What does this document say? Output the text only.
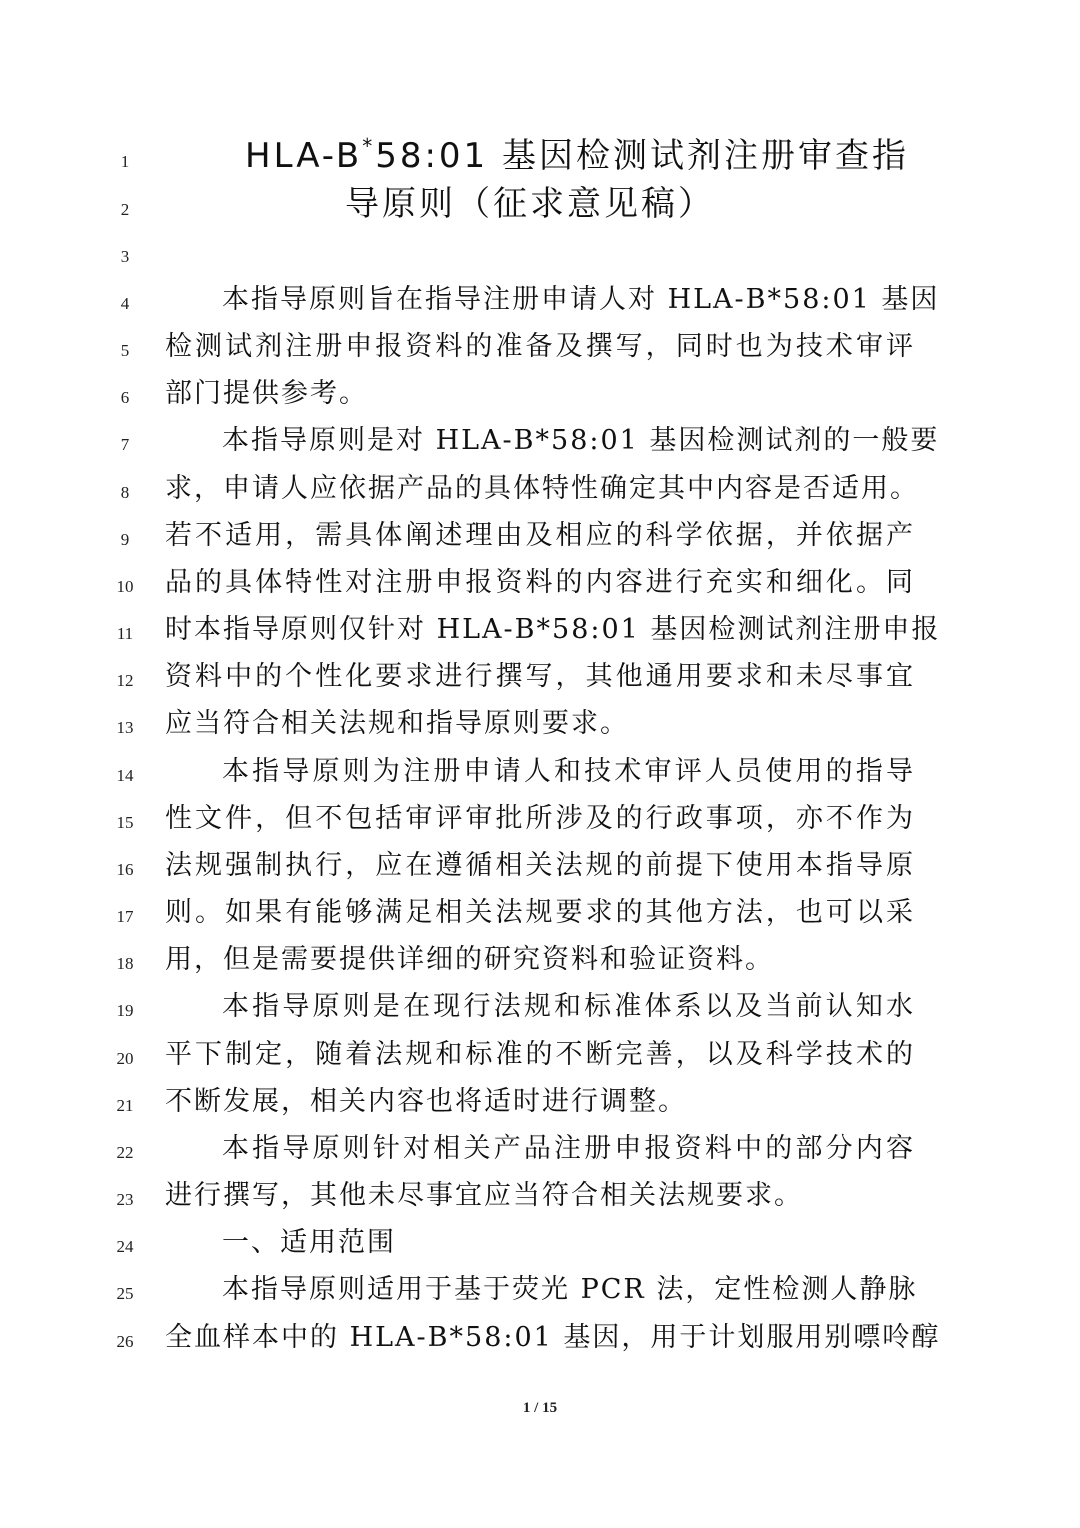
1
2
3
4
5
6
7
8
9
10
11
12
13
14
15
16
17
18
19
20
21
22
23
24
25
26
HLA-B*58:01 基因检测试剂注册审查指
导原则（征求意见稿）
本指导原则旨在指导注册申请人对 HLA-B*58:01 基因
检测试剂注册申报资料的准备及撰写，同时也为技术审评
部门提供参考。
本指导原则是对 HLA-B*58:01 基因检测试剂的一般要
求，申请人应依据产品的具体特性确定其中内容是否适用。
若不适用，需具体阐述理由及相应的科学依据，并依据产
品的具体特性对注册申报资料的内容进行充实和细化。同
时本指导原则仅针对 HLA-B*58:01 基因检测试剂注册申报
资料中的个性化要求进行撰写，其他通用要求和未尽事宜
应当符合相关法规和指导原则要求。
本指导原则为注册申请人和技术审评人员使用的指导
性文件，但不包括审评审批所涉及的行政事项，亦不作为
法规强制执行，应在遵循相关法规的前提下使用本指导原
则。如果有能够满足相关法规要求的其他方法，也可以采
用，但是需要提供详细的研究资料和验证资料。
本指导原则是在现行法规和标准体系以及当前认知水
平下制定，随着法规和标准的不断完善，以及科学技术的
不断发展，相关内容也将适时进行调整。
本指导原则针对相关产品注册申报资料中的部分内容
进行撰写，其他未尽事宜应当符合相关法规要求。
一、适用范围
本指导原则适用于基于荧光 PCR 法，定性检测人静脉
全血样本中的 HLA-B*58:01 基因，用于计划服用别嘌呤醇
1 / 15
